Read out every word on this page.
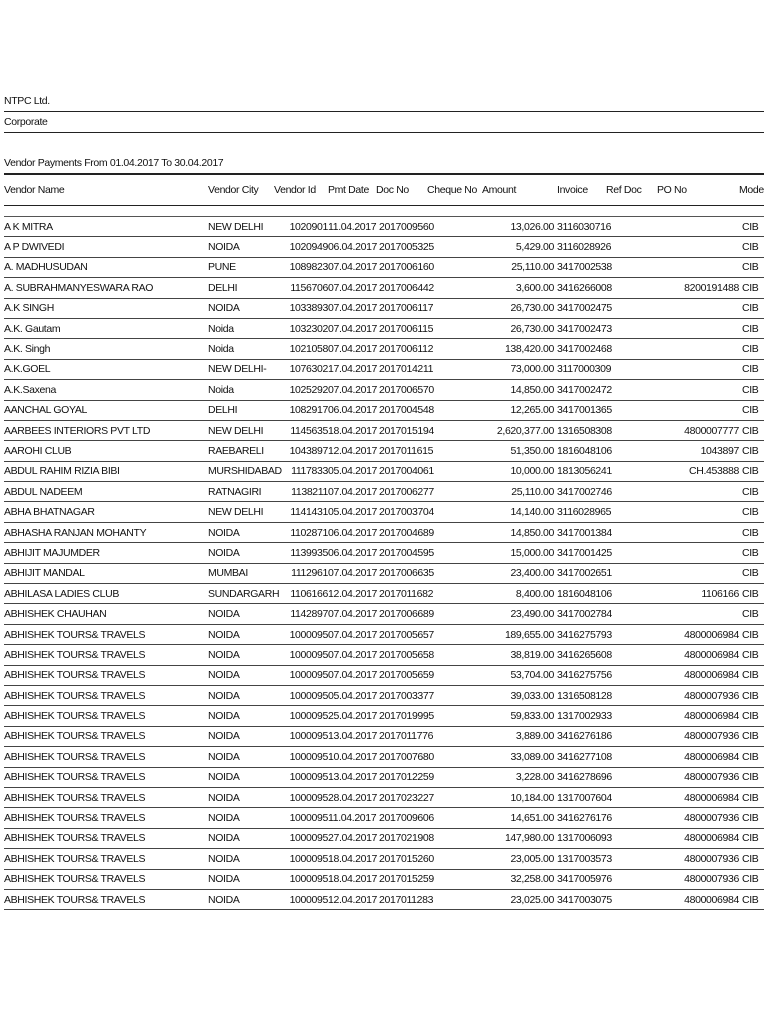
NTPC Ltd.
Corporate
Vendor Payments From 01.04.2017 To 30.04.2017
Vendor Name	Vendor City	Vendor Id	Pmt Date	Doc No	Cheque No	Amount	Invoice	Ref Doc	PO No	Mode

A K MITRA	NEW DELHI	1020901	11.04.2017	2017009560		13,026.00	3116030716			CIB
A P DWIVEDI	NOIDA	1020949	06.04.2017	2017005325		5,429.00	3116028926			CIB
A. MADHUSUDAN	PUNE	1089823	07.04.2017	2017006160		25,110.00	3417002538			CIB
A. SUBRAHMANYESWARA RAO	DELHI	1156706	07.04.2017	2017006442		3,600.00	3416266008		8200191488	CIB
A.K SINGH	NOIDA	1033893	07.04.2017	2017006117		26,730.00	3417002475			CIB
A.K. Gautam	Noida	1032302	07.04.2017	2017006115		26,730.00	3417002473			CIB
A.K. Singh	Noida	1021058	07.04.2017	2017006112		138,420.00	3417002468			CIB
A.K.GOEL	NEW DELHI-	1076302	17.04.2017	2017014211		73,000.00	3117000309			CIB
A.K.Saxena	Noida	1025292	07.04.2017	2017006570		14,850.00	3417002472			CIB
AANCHAL GOYAL	DELHI	1082917	06.04.2017	2017004548		12,265.00	3417001365			CIB
AARBEES INTERIORS PVT LTD	NEW DELHI	1145635	18.04.2017	2017015194		2,620,377.00	1316508308		4800007777	CIB
AAROHI CLUB	RAEBARELI	1043897	12.04.2017	2017011615		51,350.00	1816048106		1043897	CIB
ABDUL RAHIM RIZIA BIBI	MURSHIDABAD	1117833	05.04.2017	2017004061		10,000.00	1813056241		CH.453888	CIB
ABDUL NADEEM	RATNAGIRI	1138211	07.04.2017	2017006277		25,110.00	3417002746			CIB
ABHA BHATNAGAR	NEW DELHI	1141431	05.04.2017	2017003704		14,140.00	3116028965			CIB
ABHASHA RANJAN MOHANTY	NOIDA	1102871	06.04.2017	2017004689		14,850.00	3417001384			CIB
ABHIJIT MAJUMDER	NOIDA	1139935	06.04.2017	2017004595		15,000.00	3417001425			CIB
ABHIJIT MANDAL	MUMBAI	1112961	07.04.2017	2017006635		23,400.00	3417002651			CIB
ABHILASA LADIES CLUB	SUNDARGARH	1106166	12.04.2017	2017011682		8,400.00	1816048106		1106166	CIB
ABHISHEK CHAUHAN	NOIDA	1142897	07.04.2017	2017006689		23,490.00	3417002784			CIB
ABHISHEK TOURS& TRAVELS	NOIDA	1000095	07.04.2017	2017005657		189,655.00	3416275793		4800006984	CIB
ABHISHEK TOURS& TRAVELS	NOIDA	1000095	07.04.2017	2017005658		38,819.00	3416265608		4800006984	CIB
ABHISHEK TOURS& TRAVELS	NOIDA	1000095	07.04.2017	2017005659		53,704.00	3416275756		4800006984	CIB
ABHISHEK TOURS& TRAVELS	NOIDA	1000095	05.04.2017	2017003377		39,033.00	1316508128		4800007936	CIB
ABHISHEK TOURS& TRAVELS	NOIDA	1000095	25.04.2017	2017019995		59,833.00	1317002933		4800006984	CIB
ABHISHEK TOURS& TRAVELS	NOIDA	1000095	13.04.2017	2017011776		3,889.00	3416276186		4800007936	CIB
ABHISHEK TOURS& TRAVELS	NOIDA	1000095	10.04.2017	2017007680		33,089.00	3416277108		4800006984	CIB
ABHISHEK TOURS& TRAVELS	NOIDA	1000095	13.04.2017	2017012259		3,228.00	3416278696		4800007936	CIB
ABHISHEK TOURS& TRAVELS	NOIDA	1000095	28.04.2017	2017023227		10,184.00	1317007604		4800006984	CIB
ABHISHEK TOURS& TRAVELS	NOIDA	1000095	11.04.2017	2017009606		14,651.00	3416276176		4800007936	CIB
ABHISHEK TOURS& TRAVELS	NOIDA	1000095	27.04.2017	2017021908		147,980.00	1317006093		4800006984	CIB
ABHISHEK TOURS& TRAVELS	NOIDA	1000095	18.04.2017	2017015260		23,005.00	1317003573		4800007936	CIB
ABHISHEK TOURS& TRAVELS	NOIDA	1000095	18.04.2017	2017015259		32,258.00	3417005976		4800007936	CIB
ABHISHEK TOURS& TRAVELS	NOIDA	1000095	12.04.2017	2017011283		23,025.00	3417003075		4800006984	CIB
